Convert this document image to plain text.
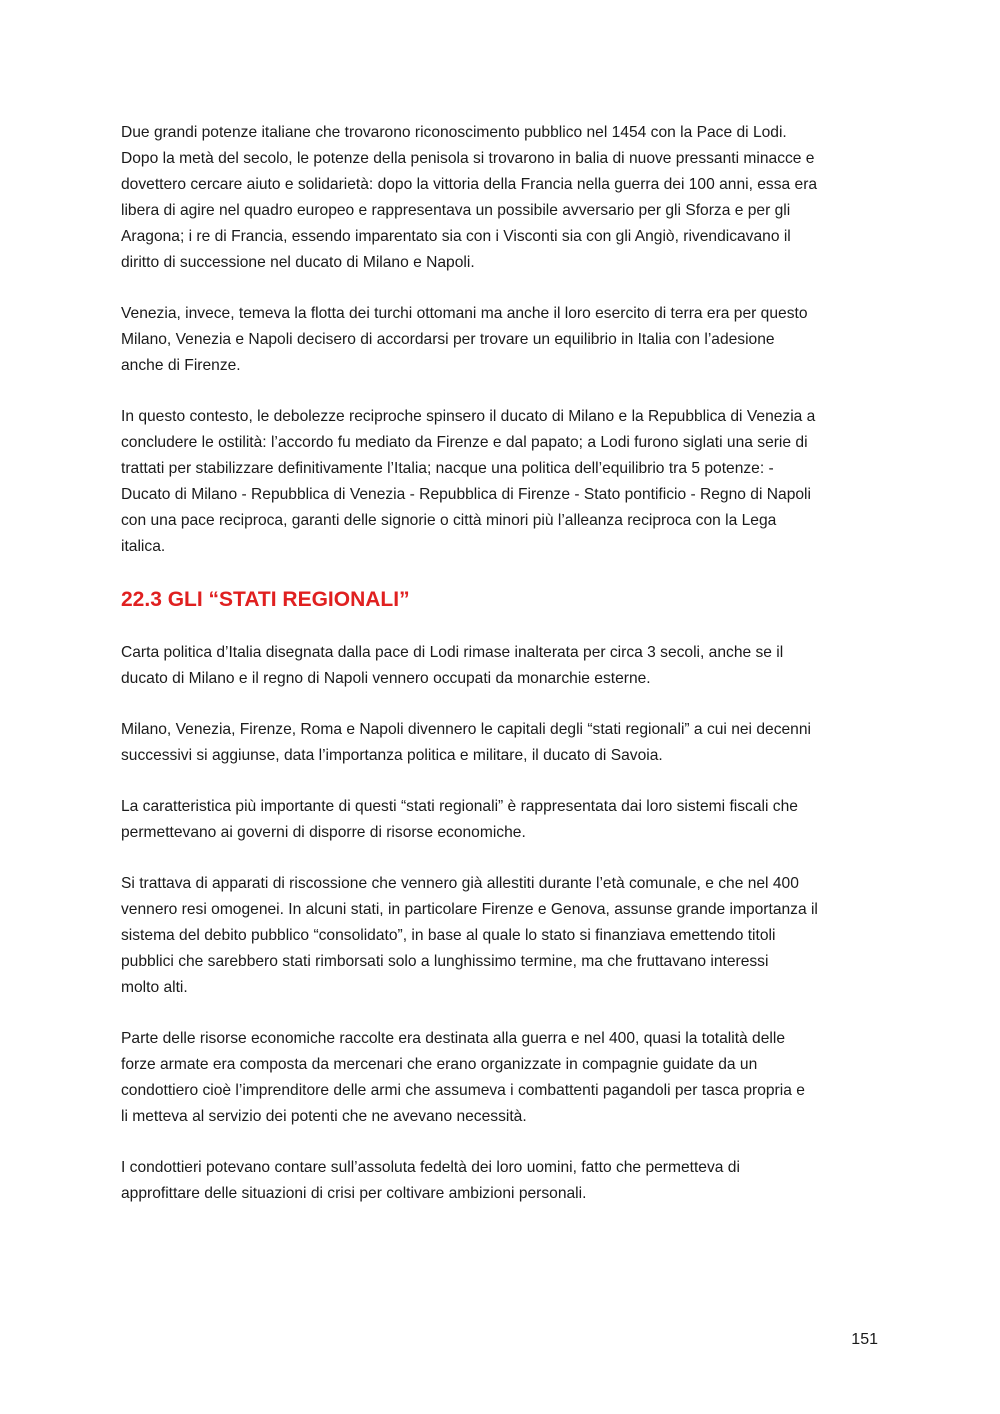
Due grandi potenze italiane che trovarono riconoscimento pubblico nel 1454 con la Pace di Lodi.
Dopo la metà del secolo, le potenze della penisola si trovarono in balia di nuove pressanti minacce e
dovettero cercare aiuto e solidarietà: dopo la vittoria della Francia nella guerra dei 100 anni, essa era
libera di agire nel quadro europeo e rappresentava un possibile avversario per gli Sforza e per gli
Aragona; i re di Francia, essendo imparentato sia con i Visconti sia con gli Angiò, rivendicavano il
diritto di successione nel ducato di Milano e Napoli.

Venezia, invece, temeva la flotta dei turchi ottomani ma anche il loro esercito di terra era per questo
Milano, Venezia e Napoli decisero di accordarsi per trovare un equilibrio in Italia con l’adesione
anche di Firenze.

In questo contesto, le debolezze reciproche spinsero il ducato di Milano e la Repubblica di Venezia a
concludere le ostilità: l’accordo fu mediato da Firenze e dal papato; a Lodi furono siglati una serie di
trattati per stabilizzare definitivamente l’Italia; nacque una politica dell’equilibrio tra 5 potenze: -
Ducato di Milano - Repubblica di Venezia - Repubblica di Firenze - Stato pontificio - Regno di Napoli
con una pace reciproca, garanti delle signorie o città minori più l’alleanza reciproca con la Lega
italica.

22.3 GLI “STATI REGIONALI”

Carta politica d’Italia disegnata dalla pace di Lodi rimase inalterata per circa 3 secoli, anche se il
ducato di Milano e il regno di Napoli vennero occupati da monarchie esterne.

Milano, Venezia, Firenze, Roma e Napoli divennero le capitali degli “stati regionali” a cui nei decenni
successivi si aggiunse, data l’importanza politica e militare, il ducato di Savoia.

La caratteristica più importante di questi “stati regionali” è rappresentata dai loro sistemi fiscali che
permettevano ai governi di disporre di risorse economiche.

Si trattava di apparati di riscossione che vennero già allestiti durante l’età comunale, e che nel 400
vennero resi omogenei. In alcuni stati, in particolare Firenze e Genova, assunse grande importanza il
sistema del debito pubblico “consolidato”, in base al quale lo stato si finanziava emettendo titoli
pubblici che sarebbero stati rimborsati solo a lunghissimo termine, ma che fruttavano interessi
molto alti.

Parte delle risorse economiche raccolte era destinata alla guerra e nel 400, quasi la totalità delle
forze armate era composta da mercenari che erano organizzate in compagnie guidate da un
condottiero cioè l’imprenditore delle armi che assumeva i combattenti pagandoli per tasca propria e
li metteva al servizio dei potenti che ne avevano necessità.

I condottieri potevano contare sull’assoluta fedeltà dei loro uomini, fatto che permetteva di
approfittare delle situazioni di crisi per coltivare ambizioni personali.

151
